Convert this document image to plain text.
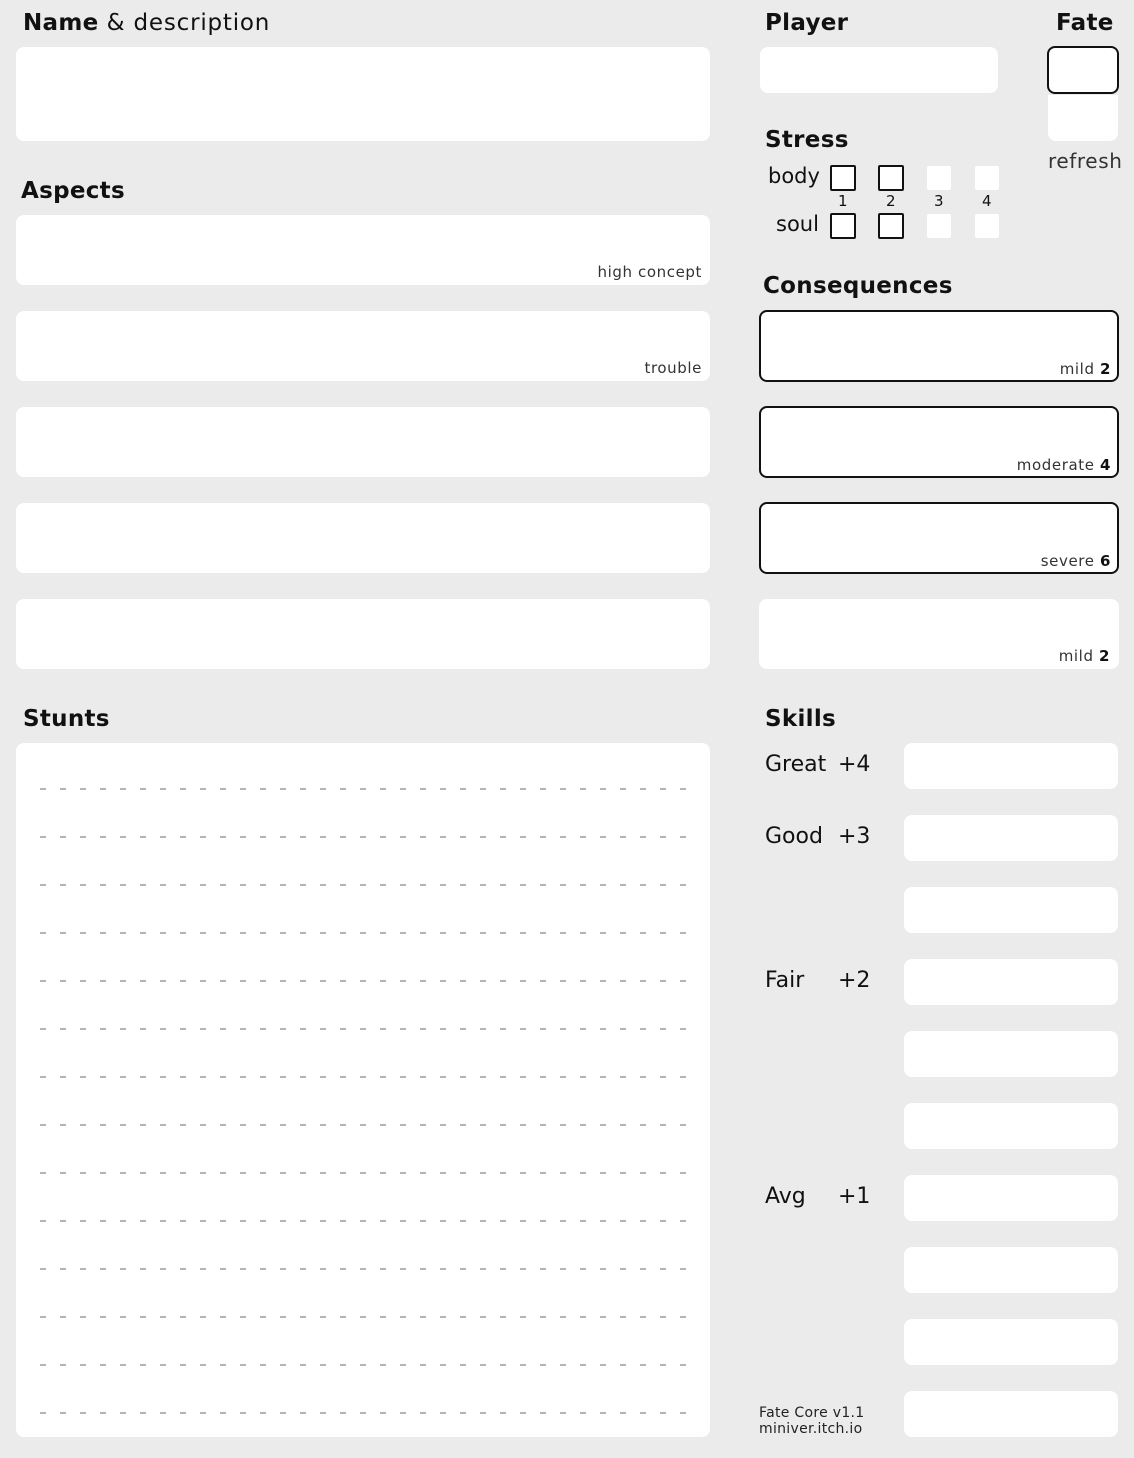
Name & description	Player	Fate
refresh
Stress
body
1	2	3	4
soul
Aspects
high concept
trouble
Consequences
mild 2
moderate 4
severe 6
mild 2
Stunts	Skills
Great +4
Good +3
Fair +2
Avg +1
Fate Core v1.1
miniver.itch.io
